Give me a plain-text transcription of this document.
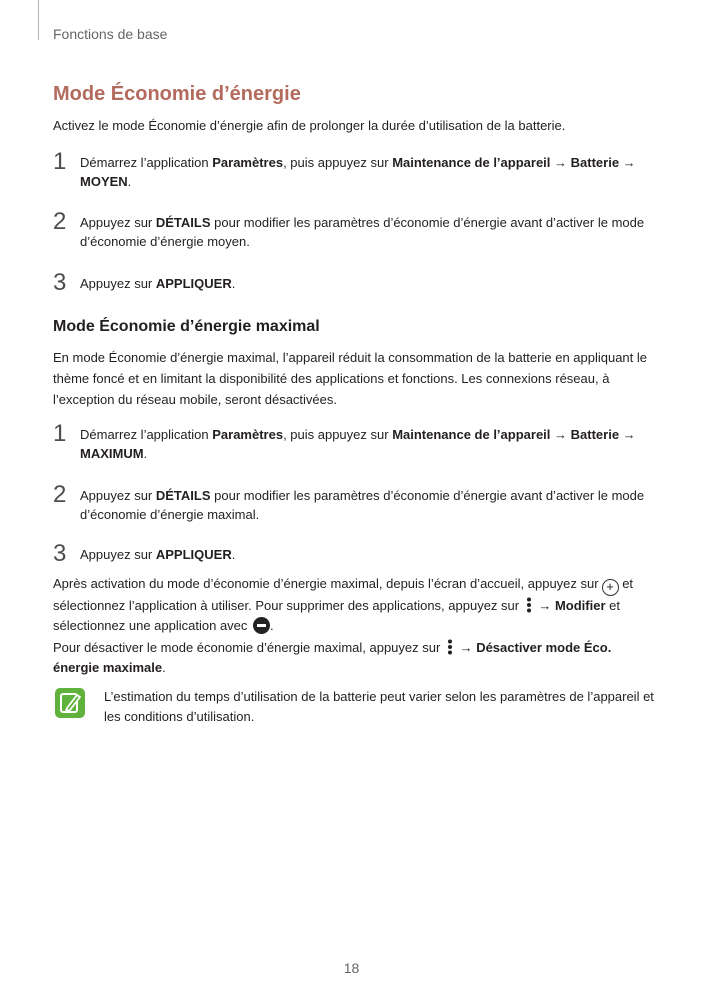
Fonctions de base
Mode Économie d’énergie
Activez le mode Économie d’énergie afin de prolonger la durée d’utilisation de la batterie.
1 Démarrez l’application Paramètres, puis appuyez sur Maintenance de l’appareil → Batterie → MOYEN.
2 Appuyez sur DÉTAILS pour modifier les paramètres d’économie d’énergie avant d’activer le mode d’économie d’énergie moyen.
3 Appuyez sur APPLIQUER.
Mode Économie d’énergie maximal
En mode Économie d’énergie maximal, l’appareil réduit la consommation de la batterie en appliquant le thème foncé et en limitant la disponibilité des applications et fonctions. Les connexions réseau, à l’exception du réseau mobile, seront désactivées.
1 Démarrez l’application Paramètres, puis appuyez sur Maintenance de l’appareil → Batterie → MAXIMUM.
2 Appuyez sur DÉTAILS pour modifier les paramètres d’économie d’énergie avant d’activer le mode d’économie d’énergie maximal.
3 Appuyez sur APPLIQUER.
Après activation du mode d’économie d’énergie maximal, depuis l’écran d’accueil, appuyez sur + et sélectionnez l’application à utiliser. Pour supprimer des applications, appuyez sur → Modifier et sélectionnez une application avec .
Pour désactiver le mode économie d’énergie maximal, appuyez sur → Désactiver mode Éco. énergie maximale.
L’estimation du temps d’utilisation de la batterie peut varier selon les paramètres de l’appareil et les conditions d’utilisation.
18
